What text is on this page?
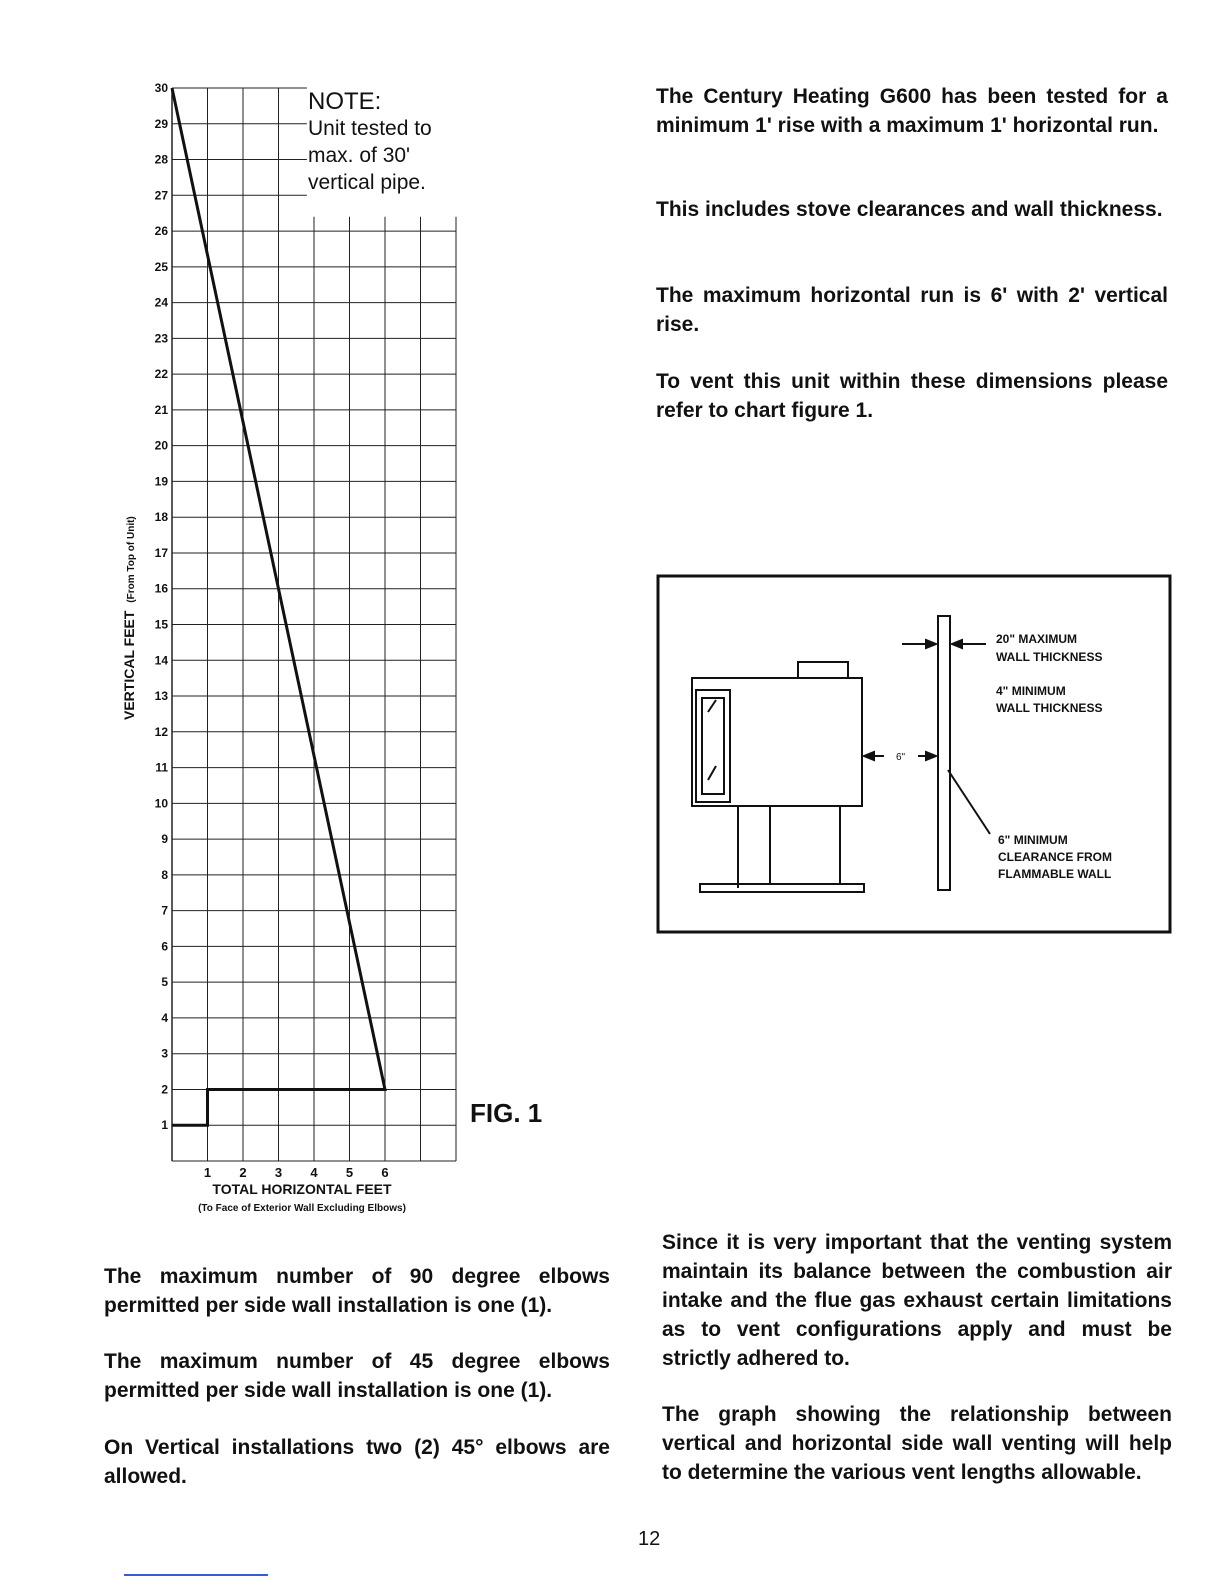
The Century Heating G600 has been tested for a minimum 1' rise with a maximum 1' horizontal run.

This includes stove clearances and wall thickness.

The maximum horizontal run is 6' with 2' vertical rise.

To vent this unit within these dimensions please refer to chart figure 1.

1
2
3
4
5
6
7
8
9
10
11
12
13
14
15
16
17
18
19
20
21
22
23
24
25
26
27
28
29
30
1 2 3 4 5 6
VERTICAL FEET (From Top of Unit)
TOTAL HORIZONTAL FEET
(To Face of Exterior Wall Excluding Elbows)
NOTE:
Unit tested to
max. of 30'
vertical pipe.
FIG. 1
6"
20" MAXIMUM
WALL THICKNESS
4" MINIMUM
WALL THICKNESS
6" MINIMUM
CLEARANCE FROM
FLAMMABLE WALL

The maximum number of 90 degree elbows permitted per side wall installation is one (1).

The maximum number of 45 degree elbows permitted per side wall installation is one (1).

On Vertical installations two (2) 45° elbows are allowed.

Since it is very important that the venting system maintain its balance between the combustion air intake and the flue gas exhaust certain limitations as to vent configurations apply and must be strictly adhered to.

The graph showing the relationship between vertical and horizontal side wall venting will help to determine the various vent lengths allowable.

12
